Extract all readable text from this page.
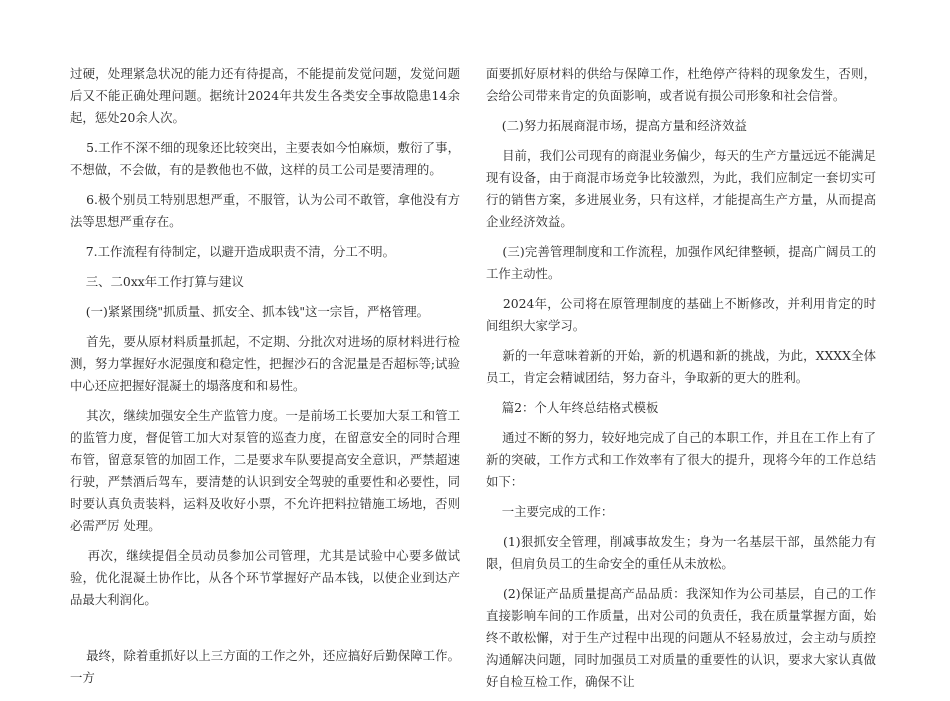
过硬，处理紧急状况的能力还有待提高，不能提前发觉问题，发觉问题后又不能正确处理问题。据统计2024年共发生各类安全事故隐患14余起，惩处20余人次。

5.工作不深不细的现象还比较突出，主要表如今怕麻烦，敷衍了事，不想做，不会做，有的是教他也不做，这样的员工公司是要清理的。

6.极个别员工特别思想严重，不服管，认为公司不敢管，拿他没有方法等思想严重存在。

7.工作流程有待制定，以避开造成职责不清，分工不明。

三、二0xx年工作打算与建议

(一)紧紧围绕"抓质量、抓安全、抓本钱"这一宗旨，严格管理。

首先，要从原材料质量抓起，不定期、分批次对进场的原材料进行检测，努力掌握好水泥强度和稳定性，把握沙石的含泥量是否超标等;试验中心还应把握好混凝土的塌落度和和易性。

其次，继续加强安全生产监管力度。一是前场工长要加大泵工和管工的监管力度，督促管工加大对泵管的巡查力度，在留意安全的同时合理布管，留意泵管的加固工作，二是要求车队要提高安全意识，严禁超速行驶，严禁酒后驾车，要清楚的认识到安全驾驶的重要性和必要性，同时要认真负责装料，运料及收好小票，不允许把料拉错施工场地，否则必需严厉 处理。

再次，继续提倡全员动员参加公司管理，尤其是试验中心要多做试验，优化混凝土协作比，从各个环节掌握好产品本钱，以使企业到达产品最大利润化。

最终，除着重抓好以上三方面的工作之外，还应搞好后勤保障工作。一方

面要抓好原材料的供给与保障工作，杜绝停产待料的现象发生，否则，会给公司带来肯定的负面影响，或者说有损公司形象和社会信誉。

(二)努力拓展商混市场，提高方量和经济效益

目前，我们公司现有的商混业务偏少，每天的生产方量远远不能满足现有设备，由于商混市场竞争比较激烈，为此，我们应制定一套切实可行的销售方案，多进展业务，只有这样，才能提高生产方量，从而提高企业经济效益。

(三)完善管理制度和工作流程，加强作风纪律整顿，提高广阔员工的工作主动性。

2024年，公司将在原管理制度的基础上不断修改，并利用肯定的时间组织大家学习。

新的一年意味着新的开始，新的机遇和新的挑战，为此，XXXX全体员工，肯定会精诚团结，努力奋斗，争取新的更大的胜利。

篇2：个人年终总结格式模板

通过不断的努力，较好地完成了自己的本职工作，并且在工作上有了新的突破，工作方式和工作效率有了很大的提升，现将今年的工作总结如下：

一主要完成的工作：

(1)狠抓安全管理，削减事故发生；身为一名基层干部，虽然能力有限，但肩负员工的生命安全的重任从未放松。

(2)保证产品质量提高产品品质：我深知作为公司基层，自己的工作直接影响车间的工作质量，出对公司的负责任，我在质量掌握方面，始终不敢松懈，对于生产过程中出现的问题从不轻易放过，会主动与质控沟通解决问题，同时加强员工对质量的重要性的认识，要求大家认真做好自检互检工作，确保不让
